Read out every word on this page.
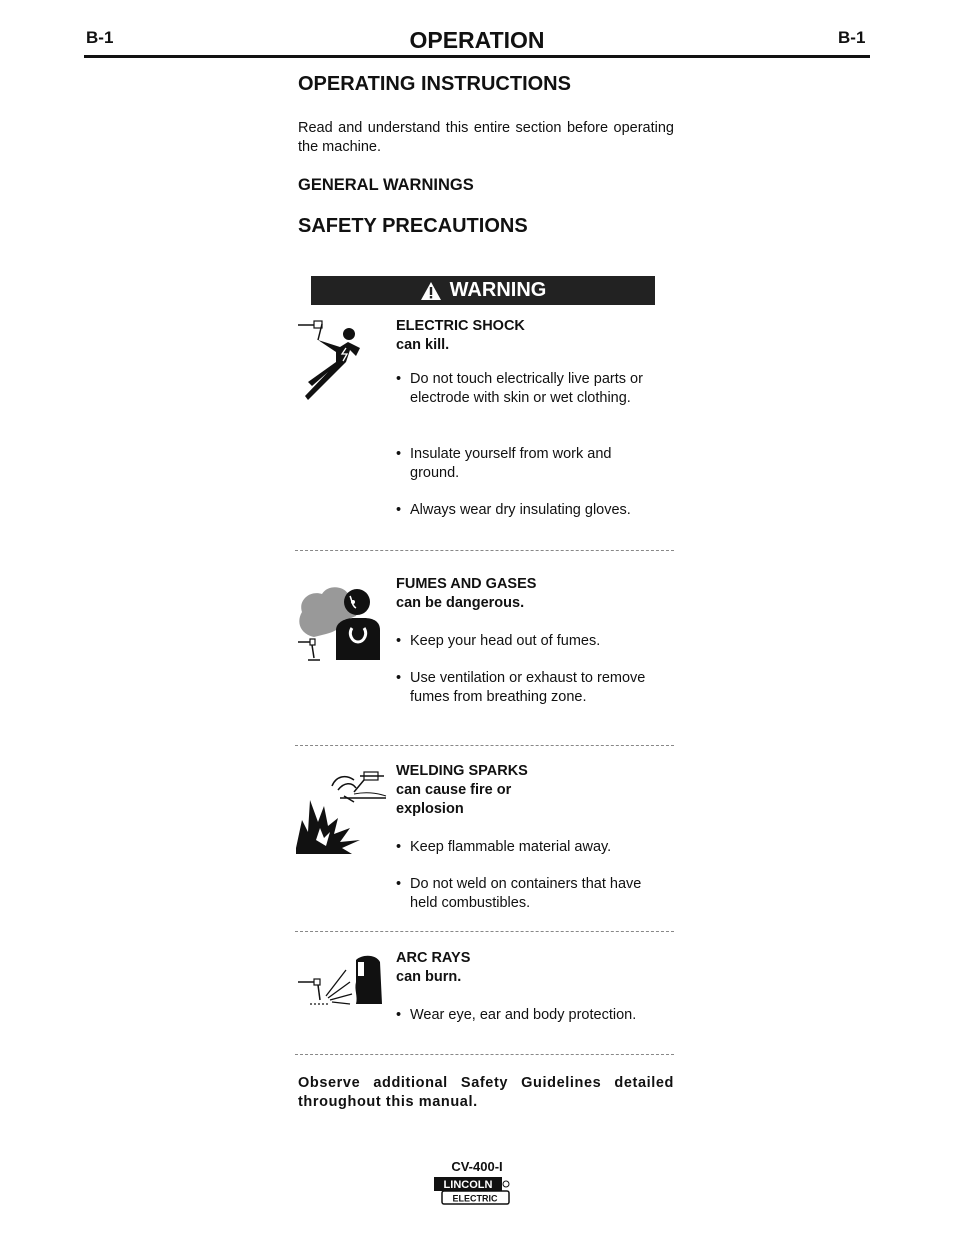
B-1	OPERATION	B-1
OPERATING INSTRUCTIONS
Read and understand this entire section before operating the machine.
GENERAL WARNINGS
SAFETY PRECAUTIONS
WARNING
ELECTRIC SHOCK
can kill.
• Do not touch electrically live parts or electrode with skin or wet clothing.
• Insulate yourself from work and ground.
• Always wear dry insulating gloves.
FUMES AND GASES
can be dangerous.
• Keep your head out of fumes.
• Use ventilation or exhaust to remove fumes from breathing zone.
WELDING SPARKS
can cause fire or
explosion
• Keep flammable material away.
• Do not weld on containers that have held combustibles.
ARC RAYS
can burn.
• Wear eye, ear and body protection.
Observe additional Safety Guidelines detailed throughout this manual.
CV-400-I
LINCOLN
ELECTRIC
